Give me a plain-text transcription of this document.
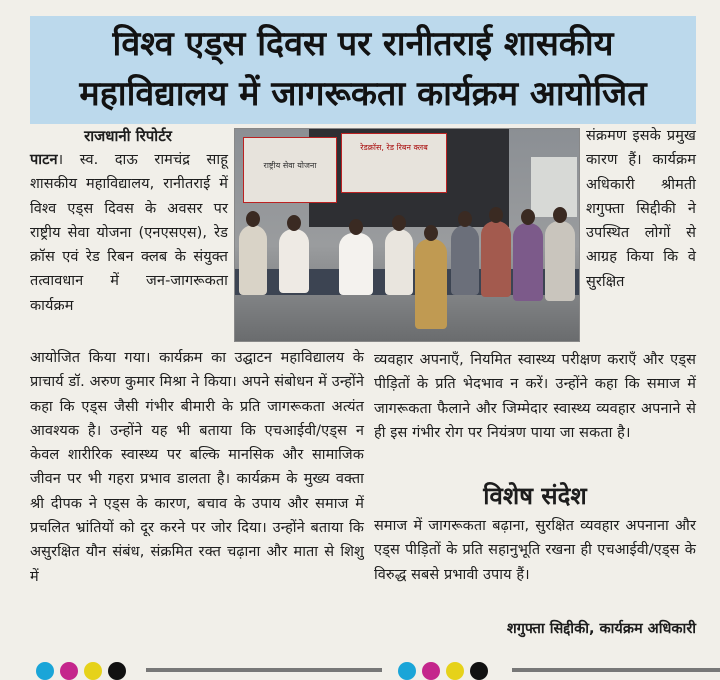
विश्व एड्स दिवस पर रानीतराई शासकीय
महाविद्यालय में जागरूकता कार्यक्रम आयोजित
राजधानी रिपोर्टर

पाटन। स्व. दाऊ रामचंद्र साहू शासकीय महाविद्यालय, रानीतराई में विश्व एड्स दिवस के अवसर पर राष्ट्रीय सेवा योजना (एनएसएस), रेड क्रॉस एवं रेड रिबन क्लब के संयुक्त तत्वावधान में जन-जागरूकता कार्यक्रम

राष्ट्रीय सेवा योजना
रेडक्रॉस, रेड रिबन क्लब

संक्रमण इसके प्रमुख कारण हैं। कार्यक्रम अधिकारी श्रीमती शगुफ्ता सिद्दीकी ने उपस्थित लोगों से आग्रह किया कि वे सुरक्षित

आयोजित किया गया। कार्यक्रम का उद्घाटन महाविद्यालय के प्राचार्य डॉ. अरुण कुमार मिश्रा ने किया। अपने संबोधन में उन्होंने कहा कि एड्स जैसी गंभीर बीमारी के प्रति जागरूकता अत्यंत आवश्यक है। उन्होंने यह भी बताया कि एचआईवी/एड्स न केवल शारीरिक स्वास्थ्य पर बल्कि मानसिक और सामाजिक जीवन पर भी गहरा प्रभाव डालता है। कार्यक्रम के मुख्य वक्ता श्री दीपक ने एड्स के कारण, बचाव के उपाय और समाज में प्रचलित भ्रांतियों को दूर करने पर जोर दिया। उन्होंने बताया कि असुरक्षित यौन संबंध, संक्रमित रक्त चढ़ाना और माता से शिशु में

व्यवहार अपनाएँ, नियमित स्वास्थ्य परीक्षण कराएँ और एड्स पीड़ितों के प्रति भेदभाव न करें। उन्होंने कहा कि समाज में जागरूकता फैलाने और जिम्मेदार स्वास्थ्य व्यवहार अपनाने से ही इस गंभीर रोग पर नियंत्रण पाया जा सकता है।

विशेष संदेश

समाज में जागरूकता बढ़ाना, सुरक्षित व्यवहार अपनाना और एड्स पीड़ितों के प्रति सहानुभूति रखना ही एचआईवी/एड्स के विरुद्ध सबसे प्रभावी उपाय हैं।

शगुफ्ता सिद्दीकी, कार्यक्रम अधिकारी
